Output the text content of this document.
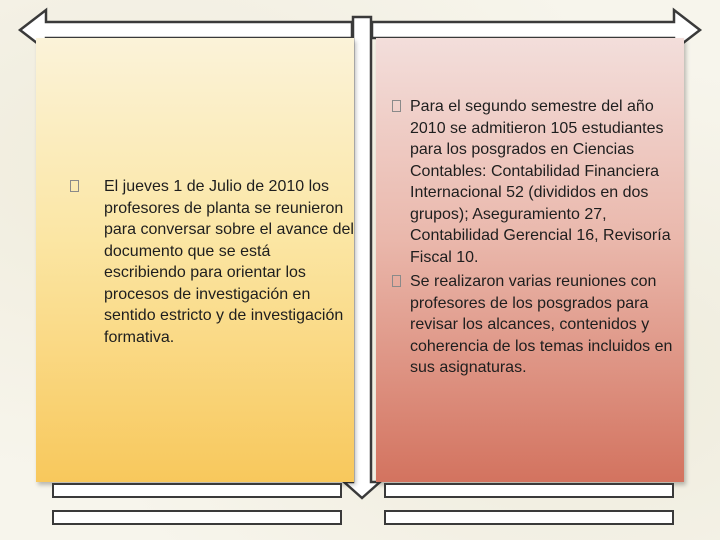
El jueves 1 de Julio de 2010 los profesores de planta se reunieron para conversar sobre el avance del documento que se está escribiendo para orientar los procesos de investigación en sentido estricto y de investigación formativa.
Para el segundo semestre del año 2010 se admitieron 105 estudiantes para los posgrados en Ciencias Contables: Contabilidad Financiera Internacional 52 (divididos en dos grupos); Aseguramiento 27, Contabilidad Gerencial 16, Revisoría Fiscal 10.
Se realizaron varias reuniones con profesores de los posgrados para revisar los alcances, contenidos y coherencia de los temas incluidos en sus asignaturas.
